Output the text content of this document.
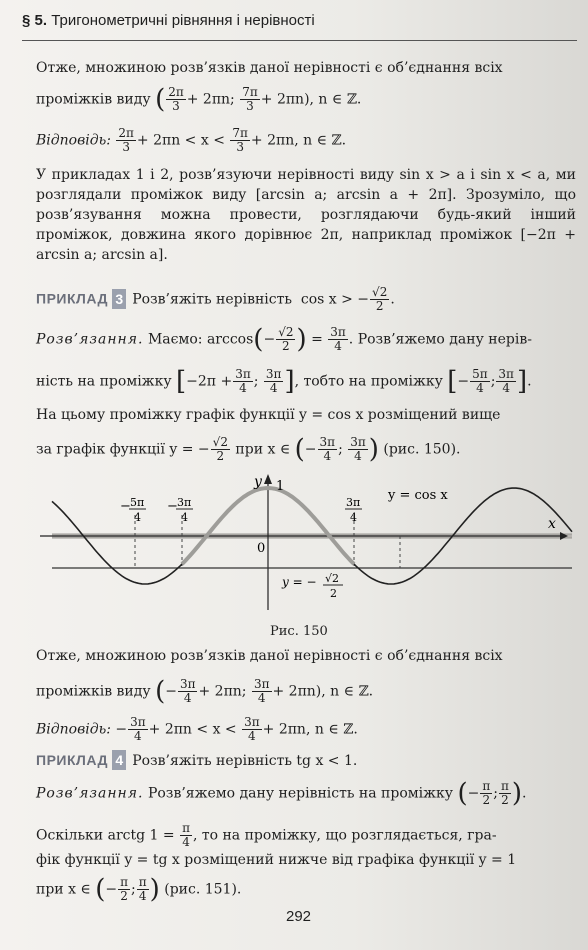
§ 5. Тригонометричні рівняння і нерівності
Отже, множиною розв’язків даної нерівності є об’єднання всіх
проміжків виду ( $\frac{2\pi}{3} + 2\pi n$; $\frac{7\pi}{3} + 2\pi n$), n ∈ ℤ.
Відповідь: $\frac{2\pi}{3} + 2\pi n < x < \frac{7\pi}{3} + 2\pi n$, n ∈ ℤ.
У прикладах 1 і 2, розв’язуючи нерівності виду sin x > a і sin x < a, ми розглядали проміжок виду [arcsin a; arcsin a + 2π]. Зрозуміло, що розв’язування можна провести, розглядаючи будь-який інший проміжок, довжина якого дорівнює 2π, наприклад проміжок [−2π + arcsin a; arcsin a].
ПРИКЛАД 3 Розв’яжіть нерівність cos x > − $\frac{√2}{2}$ .
Розв’язання. Маємо: $\arccos(- \frac{√2}{2}$ ) = $\frac{3\pi}{4}$ . Розв’яжемо дану нерів-
ність на проміжку [$-2\pi + \frac{3\pi}{4}$ ; $\frac{3\pi}{4}$ ], тобто на проміжку [− $\frac{5\pi}{4}$ ; $\frac{3\pi}{4}$ ].
На цьому проміжку графік функції y = cos x розміщений вище
за графік функції y = − $\frac{√2}{2}$ при x ∈ (− $\frac{3\pi}{4}$ ; $\frac{3\pi}{4}$ ) (рис. 150).
y
x
1
0
y = cos x
− 5π
4
− 3π
4
3π
4
y = − √2
2
Рис. 150
Отже, множиною розв’язків даної нерівності є об’єднання всіх
проміжків виду (− $\frac{3\pi}{4} + 2\pi n$; $\frac{3\pi}{4} + 2\pi n$), n ∈ ℤ.
Відповідь: − $\frac{3\pi}{4} + 2\pi n < x < \frac{3\pi}{4} + 2\pi n$, n ∈ ℤ.
ПРИКЛАД 4 Розв’яжіть нерівність tg x < 1.
Розв’язання. Розв’яжемо дану нерівність на проміжку (− $\frac{\pi}{2}$ ; $\frac{\pi}{2}$ ).
Оскільки arctg $1 = \frac{\pi}{4}$ , то на проміжку, що розглядається, гра-
фік функції y = tg x розміщений нижче від графіка функції y = 1
при x ∈ (− $\frac{\pi}{2}$ ; $\frac{\pi}{4}$ ) (рис. 151).
292
